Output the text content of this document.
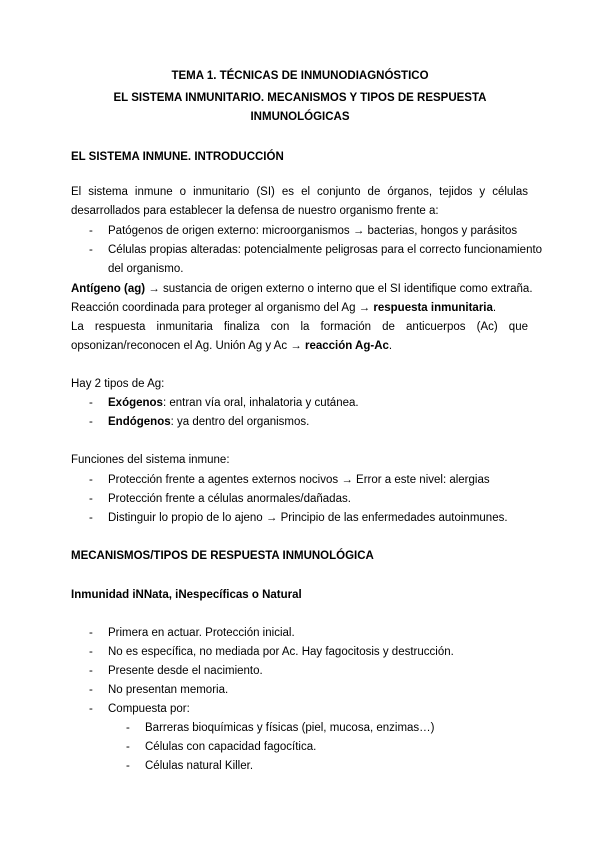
TEMA 1. TÉCNICAS DE INMUNODIAGNÓSTICO
EL SISTEMA INMUNITARIO. MECANISMOS Y TIPOS DE RESPUESTA
INMUNOLÓGICAS
EL SISTEMA INMUNE. INTRODUCCIÓN
El sistema inmune o inmunitario (SI) es el conjunto de órganos, tejidos y células
desarrollados para establecer la defensa de nuestro organismo frente a:
- Patógenos de origen externo: microorganismos → bacterias, hongos y parásitos
- Células propias alteradas: potencialmente peligrosas para el correcto funcionamiento
del organismo.
Antígeno (ag) → sustancia de origen externo o interno que el SI identifique como extraña.
Reacción coordinada para proteger al organismo del Ag → respuesta inmunitaria.
La respuesta inmunitaria finaliza con la formación de anticuerpos (Ac) que
opsonizan/reconocen el Ag. Unión Ag y Ac → reacción Ag-Ac.
Hay 2 tipos de Ag:
- Exógenos: entran vía oral, inhalatoria y cutánea.
- Endógenos: ya dentro del organismos.
Funciones del sistema inmune:
- Protección frente a agentes externos nocivos → Error a este nivel: alergias
- Protección frente a células anormales/dañadas.
- Distinguir lo propio de lo ajeno → Principio de las enfermedades autoinmunes.
MECANISMOS/TIPOS DE RESPUESTA INMUNOLÓGICA
Inmunidad iNNata, iNespecíficas o Natural
- Primera en actuar. Protección inicial.
- No es específica, no mediada por Ac. Hay fagocitosis y destrucción.
- Presente desde el nacimiento.
- No presentan memoria.
- Compuesta por:
- Barreras bioquímicas y físicas (piel, mucosa, enzimas…)
- Células con capacidad fagocítica.
- Células natural Killer.
